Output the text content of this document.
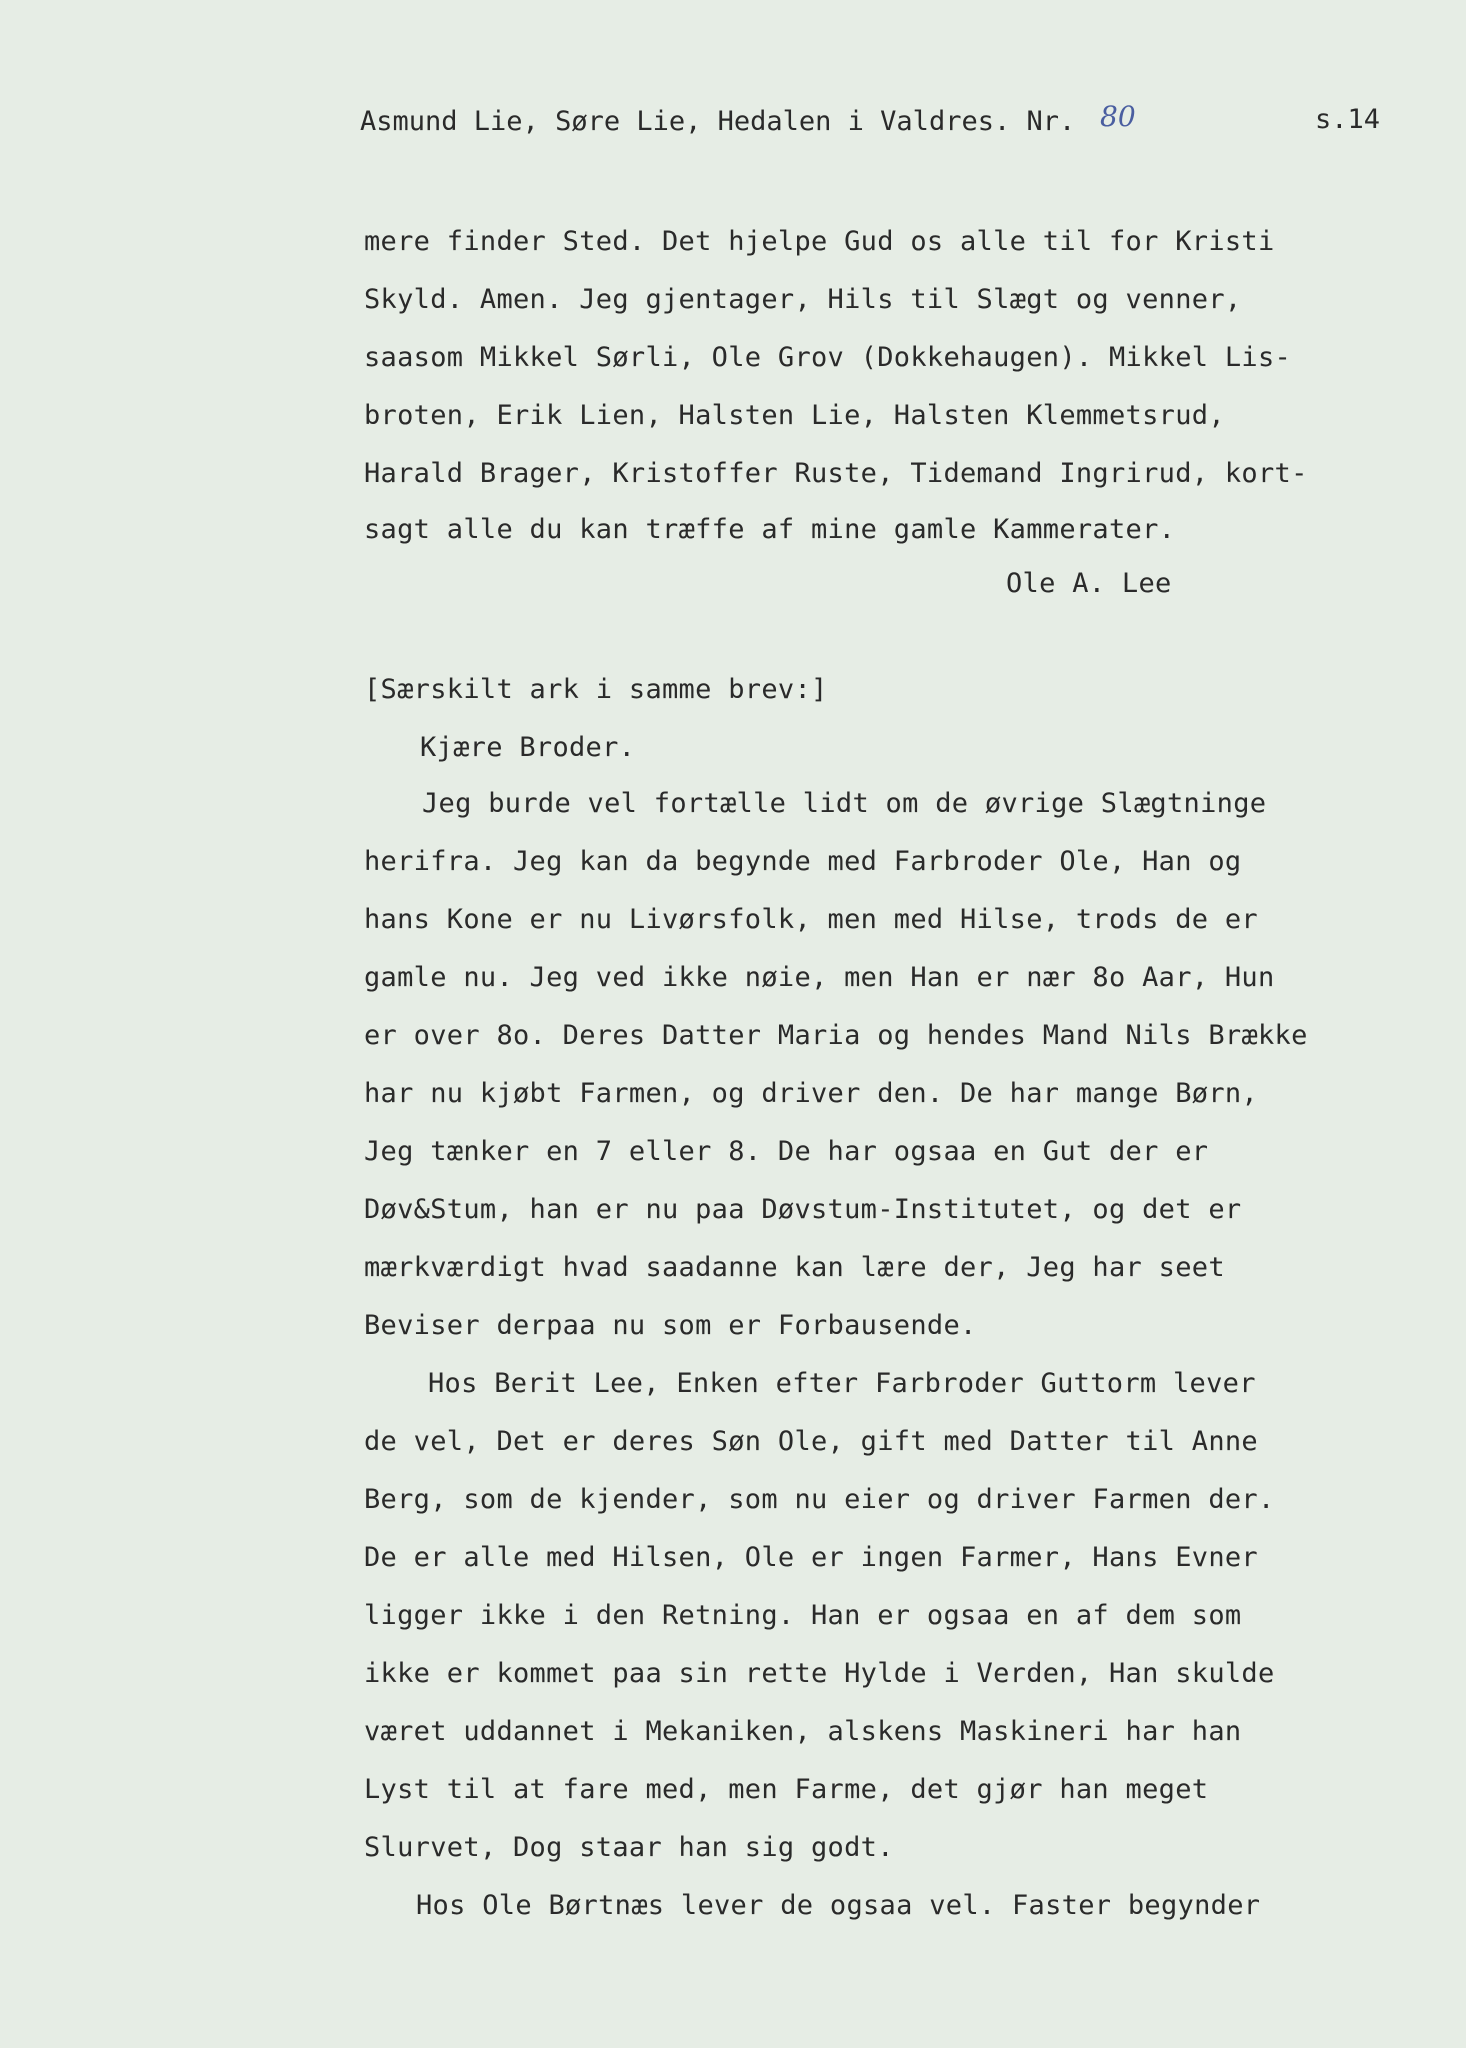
Asmund Lie, Søre Lie, Hedalen i Valdres. Nr. 80	s.14
mere finder Sted. Det hjelpe Gud os alle til for Kristi
Skyld. Amen. Jeg gjentager, Hils til Slægt og venner,
saasom Mikkel Sørli, Ole Grov (Dokkehaugen). Mikkel Lis-
broten, Erik Lien, Halsten Lie, Halsten Klemmetsrud,
Harald Brager, Kristoffer Ruste, Tidemand Ingrirud, kort-
sagt alle du kan træffe af mine gamle Kammerater.
Ole A. Lee
[Særskilt ark i samme brev:]
Kjære Broder.
Jeg burde vel fortælle lidt om de øvrige Slægtninge
herifra. Jeg kan da begynde med Farbroder Ole, Han og
hans Kone er nu Livørsfolk, men med Hilse, trods de er
gamle nu. Jeg ved ikke nøie, men Han er nær 8o Aar, Hun
er over 8o. Deres Datter Maria og hendes Mand Nils Brække
har nu kjøbt Farmen, og driver den. De har mange Børn,
Jeg tænker en 7 eller 8. De har ogsaa en Gut der er
Døv&Stum, han er nu paa Døvstum-Institutet, og det er
mærkværdigt hvad saadanne kan lære der, Jeg har seet
Beviser derpaa nu som er Forbausende.
Hos Berit Lee, Enken efter Farbroder Guttorm lever
de vel, Det er deres Søn Ole, gift med Datter til Anne
Berg, som de kjender, som nu eier og driver Farmen der.
De er alle med Hilsen, Ole er ingen Farmer, Hans Evner
ligger ikke i den Retning. Han er ogsaa en af dem som
ikke er kommet paa sin rette Hylde i Verden, Han skulde
været uddannet i Mekaniken, alskens Maskineri har han
Lyst til at fare med, men Farme, det gjør han meget
Slurvet, Dog staar han sig godt.
Hos Ole Børtnæs lever de ogsaa vel. Faster begynder
